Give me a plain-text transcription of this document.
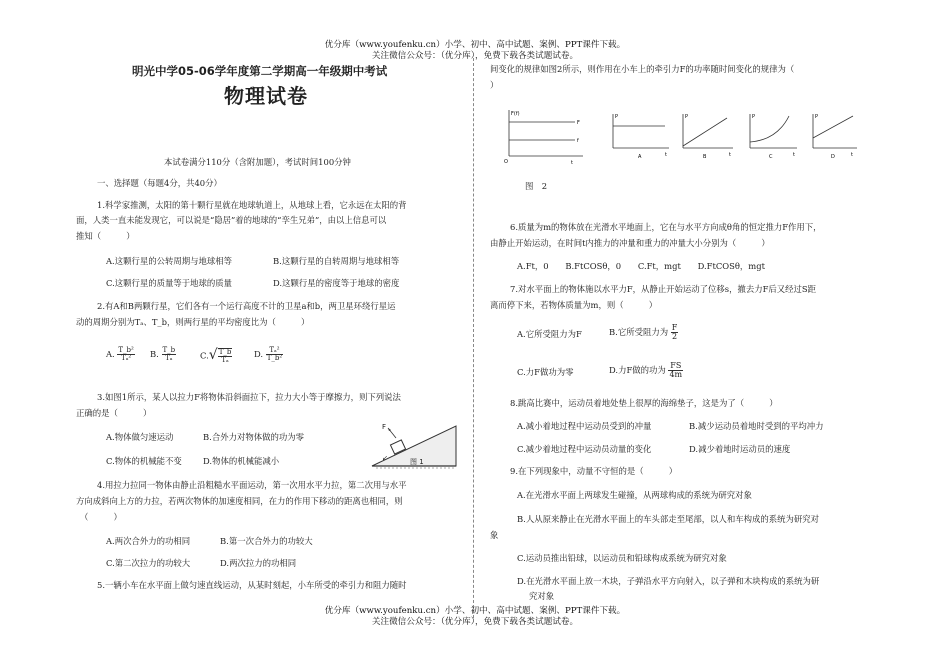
优分库（www.youfenku.cn）小学、初中、高中试题、案例、PPT课件下载。
关注微信公众号：（优分库），免费下载各类试题试卷。
明光中学05-06学年度第二学期高一年级期中考试
物理试卷
本试卷满分110分（含附加题），考试时间100分钟
一、选择题（每题4分，共40分）
1.科学家推测，太阳的第十颗行星就在地球轨道上，从地球上看，它永远在太阳的背
面，人类一直未能发现它，可以说是“隐居”着的地球的“孪生兄弟”，由以上信息可以
推知（　　　）
A.这颗行星的公转周期与地球相等	B.这颗行星的自转周期与地球相等
C.这颗行星的质量等于地球的质量	D.这颗行星的密度等于地球的密度
2.有A和B两颗行星，它们各有一个运行高度不计的卫星a和b，两卫星环绕行星运
动的周期分别为Tₐ、T_b，则两行星的平均密度比为（　　　）
A. $\frac{\text{T\_b²}}{\text{Tₐ²}} B$. $\frac{T\_b}{\text{Tₐ}}$	$C.√ \frac{T\_b}{\text{Tₐ}}$	D. $\frac{\text{Tₐ²}}{\text{T\_b²}}$
3.如图1所示，某人以拉力F将物体沿斜面拉下，拉力大小等于摩擦力，则下列说法
正确的是（　　　）
A.物体做匀速运动	B.合外力对物体做的功为零
C.物体的机械能不变	D.物体的机械能减小
F
↙	图 1
4.用拉力拉同一物体由静止沿粗糙水平面运动，第一次用水平力拉，第二次用与水平
方向成斜向上方的力拉，若两次物体的加速度相同，在力的作用下移动的距离也相同，则
（　　　）
A.两次合外力的功相同	B.第一次合外力的功较大
C.第二次拉力的功较大	D.两次拉力的功相同
5.一辆小车在水平面上做匀速直线运动，从某时刻起，小车所受的牵引力和阻力随时
间变化的规律如图2所示，则作用在小车上的牵引力F的功率随时间变化的规律为（
）
F(f)
F
f
O	t
P
A	t
P
B	t
P
C	t
P
D	t
图　2
6.质量为m的物体放在光滑水平地面上，它在与水平方向成θ角的恒定推力F作用下，
由静止开始运动，在时间t内推力的冲量和重力的冲量大小分别为（　　　）
A.Ft，0　　B.FtCOSθ，0　　C.Ft，mgt　　D.FtCOSθ，mgt
7.对水平面上的物体施以水平力F，从静止开始运动了位移s，撤去力F后又经过S距
离而停下来，若物体质量为m，则（　　　）
A.它所受阻力为F	B.它所受阻力为 $\frac{F}{2}$
C.力F做功为零	D.力F做的功为 $\frac{FS}{4m}$
8.跳高比赛中，运动员着地处垫上很厚的海绵垫子，这是为了（　　　）
A.减小着地过程中运动员受到的冲量	B.减少运动员着地时受到的平均冲力
C.减少着地过程中运动员动量的变化	D.减少着地时运动员的速度
9.在下列现象中，动量不守恒的是（　　　）
A.在光滑水平面上两球发生碰撞，从两球构成的系统为研究对象
B.人从原来静止在光滑水平面上的车头部走至尾部，以人和车构成的系统为研究对
象
C.运动员推出铅球，以运动员和铅球构成系统为研究对象
D.在光滑水平面上放一木块，子弹沿水平方向射入，以子弹和木块构成的系统为研
究对象
优分库（www.youfenku.cn）小学、初中、高中试题、案例、PPT课件下载。
关注微信公众号：（优分库），免费下载各类试题试卷。
